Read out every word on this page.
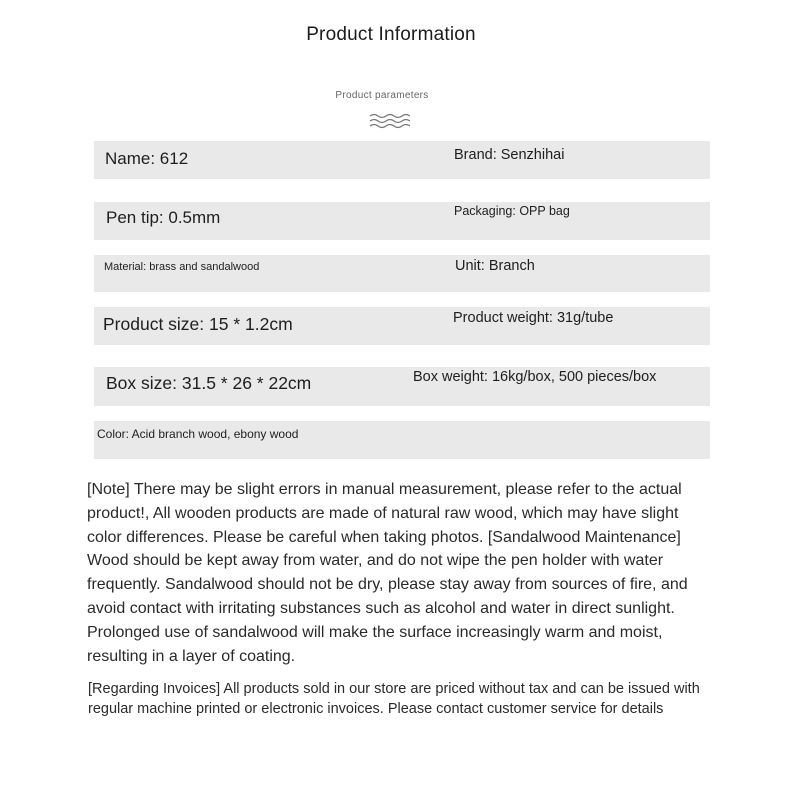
Product Information
Product parameters
Name: 612	Brand: Senzhihai
Pen tip: 0.5mm	Packaging: OPP bag
Material: brass and sandalwood	Unit: Branch
Product size: 15 * 1.2cm	Product weight: 31g/tube
Box size: 31.5 * 26 * 22cm	Box weight: 16kg/box, 500 pieces/box
Color: Acid branch wood, ebony wood
[Note] There may be slight errors in manual measurement, please refer to the actual product!, All wooden products are made of natural raw wood, which may have slight color differences. Please be careful when taking photos. [Sandalwood Maintenance] Wood should be kept away from water, and do not wipe the pen holder with water frequently. Sandalwood should not be dry, please stay away from sources of fire, and avoid contact with irritating substances such as alcohol and water in direct sunlight. Prolonged use of sandalwood will make the surface increasingly warm and moist, resulting in a layer of coating.
[Regarding Invoices] All products sold in our store are priced without tax and can be issued with regular machine printed or electronic invoices. Please contact customer service for details
